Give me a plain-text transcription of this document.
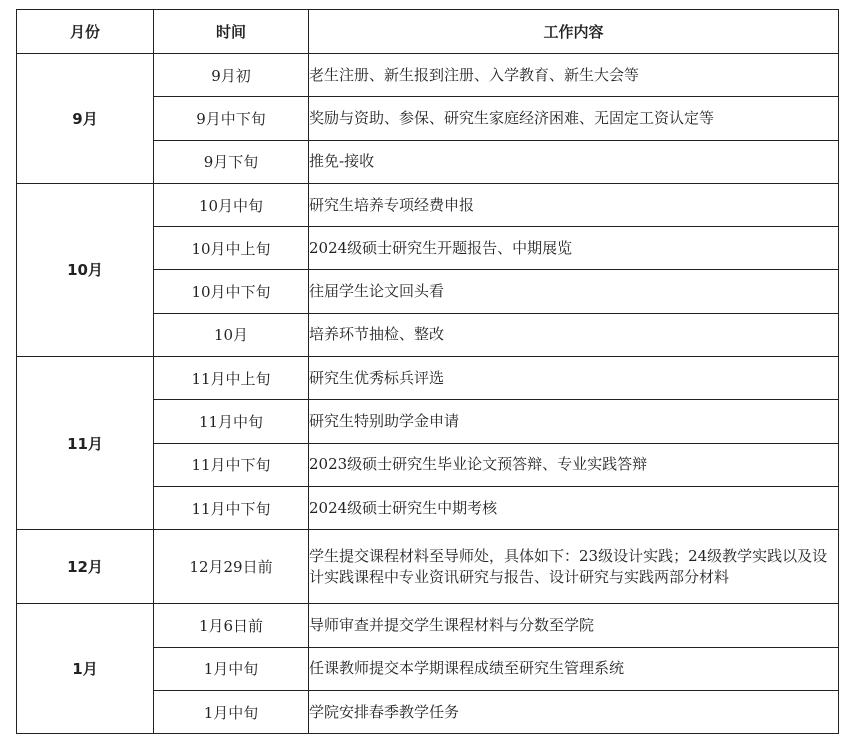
月份	时间	工作内容
9月	9月初	老生注册、新生报到注册、入学教育、新生大会等
	9月中下旬	奖励与资助、参保、研究生家庭经济困难、无固定工资认定等
	9月下旬	推免-接收
10月	10月中旬	研究生培养专项经费申报
	10月中上旬	2024级硕士研究生开题报告、中期展览
	10月中下旬	往届学生论文回头看
	10月	培养环节抽检、整改
11月	11月中上旬	研究生优秀标兵评选
	11月中旬	研究生特别助学金申请
	11月中下旬	2023级硕士研究生毕业论文预答辩、专业实践答辩
	11月中下旬	2024级硕士研究生中期考核
12月	12月29日前	学生提交课程材料至导师处，具体如下：23级设计实践；24级教学实践以及设计实践课程中专业资讯研究与报告、设计研究与实践两部分材料
1月	1月6日前	导师审查并提交学生课程材料与分数至学院
	1月中旬	任课教师提交本学期课程成绩至研究生管理系统
	1月中旬	学院安排春季教学任务
